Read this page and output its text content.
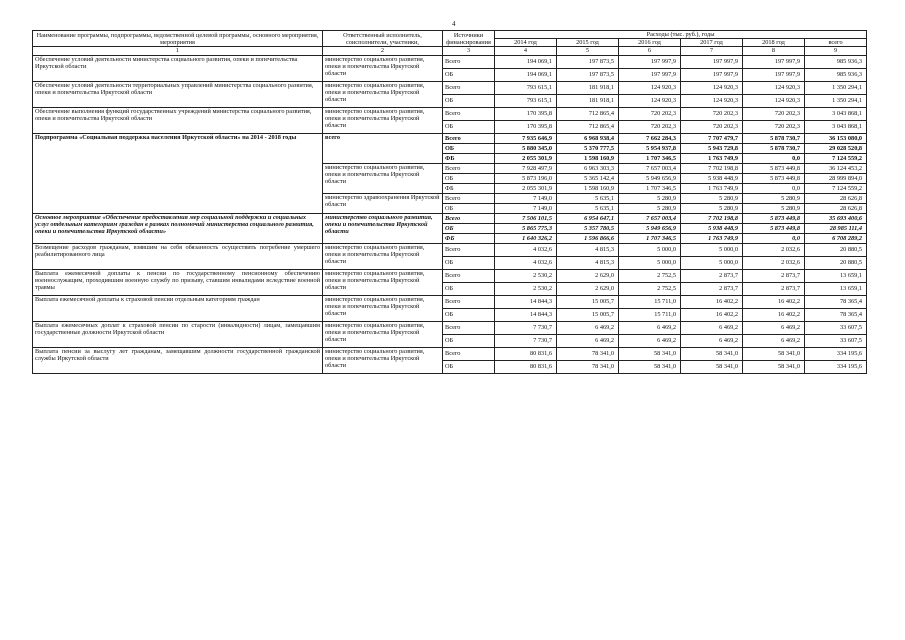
4
Наименование программы, подпрограммы, ведомственной целевой программы, основного мероприятия, мероприятия	Ответственный исполнитель, соисполнители, участники,	Источники финансирования	Расходы (тыс. руб.), годы					
			2014 год	2015 год	2016 год	2017 год	2018 год	всего
1	2	3	4	5	6	7	8	9
Обеспечение условий деятельности министерства социального развития, опеки и попечительства Иркутской области	министерство социального развития, опеки и попечительства Иркутской области	Всего	194 069,1	197 873,5	197 997,9	197 997,9	197 997,9	985 936,3
		ОБ	194 069,1	197 873,5	197 997,9	197 997,9	197 997,9	985 936,3
Обеспечение условий деятельности территориальных управлений министерства социального развития, опеки и попечительства Иркутской области	министерство социального развития, опеки и попечительства Иркутской области	Всего	793 615,1	181 918,1	124 920,3	124 920,3	124 920,3	1 350 294,1
		ОБ	793 615,1	181 918,1	124 920,3	124 920,3	124 920,3	1 350 294,1
Обеспечение выполнения функций государственных учреждений министерства социального развития, опеки и попечительства Иркутской области	министерство социального развития, опеки и попечительства Иркутской области	Всего	170 395,8	712 865,4	720 202,3	720 202,3	720 202,3	3 043 868,1
		ОБ	170 395,8	712 865,4	720 202,3	720 202,3	720 202,3	3 043 868,1
Подпрограмма «Социальная поддержка населения Иркутской области» на 2014 - 2018 годы	всего	Всего	7 935 646,9	6 968 938,4	7 662 284,3	7 707 479,7	5 878 730,7	36 153 080,0
		ОБ	5 880 345,0	5 370 777,5	5 954 937,8	5 943 729,8	5 878 730,7	29 028 520,8
		ФБ	2 055 301,9	1 598 160,9	1 707 346,5	1 763 749,9	0,0	7 124 559,2
	министерство социального развития, опеки и попечительства Иркутской области	Всего	7 928 497,9	6 963 303,3	7 657 003,4	7 702 198,8	5 873 449,8	36 124 453,2
		ОБ	5 873 196,0	5 365 142,4	5 949 656,9	5 938 448,9	5 873 449,8	28 999 894,0
		ФБ	2 055 301,9	1 598 160,9	1 707 346,5	1 763 749,9	0,0	7 124 559,2
	министерство здравоохранения Иркутской области	Всего	7 149,0	5 635,1	5 280,9	5 280,9	5 280,9	28 626,8
		ОБ	7 149,0	5 635,1	5 280,9	5 280,9	5 280,9	28 626,8
Основное мероприятие «Обеспечение предоставления мер социальной поддержки и социальных услуг отдельным категориям граждан в рамках полномочий министерства социального развития, опеки и попечительства Иркутской области»	министерство социального развития, опеки и попечительства Иркутской области	Всего	7 506 101,5	6 954 647,1	7 657 003,4	7 702 198,8	5 873 449,8	35 693 400,6
		ОБ	5 865 775,3	5 357 780,5	5 949 656,9	5 938 448,9	5 873 449,8	28 985 111,4
		ФБ	1 640 326,2	1 596 866,6	1 707 346,5	1 763 749,9	0,0	6 708 289,2
Возмещение расходов гражданам, взявшим на себя обязанность осуществить погребение умершего реабилитированного лица	министерство социального развития, опеки и попечительства Иркутской области	Всего	4 032,6	4 815,3	5 000,0	5 000,0	2 032,6	20 880,5
		ОБ	4 032,6	4 815,3	5 000,0	5 000,0	2 032,6	20 880,5
Выплата ежемесячной доплаты к пенсии по государственному пенсионному обеспечению военнослужащим, проходившим военную службу по призыву, ставшим инвалидами вследствие военной травмы	министерство социального развития, опеки и попечительства Иркутской области	Всего	2 530,2	2 629,0	2 752,5	2 873,7	2 873,7	13 659,1
		ОБ	2 530,2	2 629,0	2 752,5	2 873,7	2 873,7	13 659,1
Выплата ежемесячной доплаты к страховой пенсии отдельным категориям граждан	министерство социального развития, опеки и попечительства Иркутской области	Всего	14 844,3	15 005,7	15 711,0	16 402,2	16 402,2	78 365,4
		ОБ	14 844,3	15 005,7	15 711,0	16 402,2	16 402,2	78 365,4
Выплата ежемесячных доплат к страховой пенсии по старости (инвалидности) лицам, замещавшим государственные должности Иркутской области	министерство социального развития, опеки и попечительства Иркутской области	Всего	7 730,7	6 469,2	6 469,2	6 469,2	6 469,2	33 607,5
		ОБ	7 730,7	6 469,2	6 469,2	6 469,2	6 469,2	33 607,5
Выплата пенсии за выслугу лет гражданам, замещавшим должности государственной гражданской службы Иркутской области	министерство социального развития, опеки и попечительства Иркутской области	Всего	80 831,6	78 341,0	58 341,0	58 341,0	58 341,0	334 195,6
		ОБ	80 831,6	78 341,0	58 341,0	58 341,0	58 341,0	334 195,6
